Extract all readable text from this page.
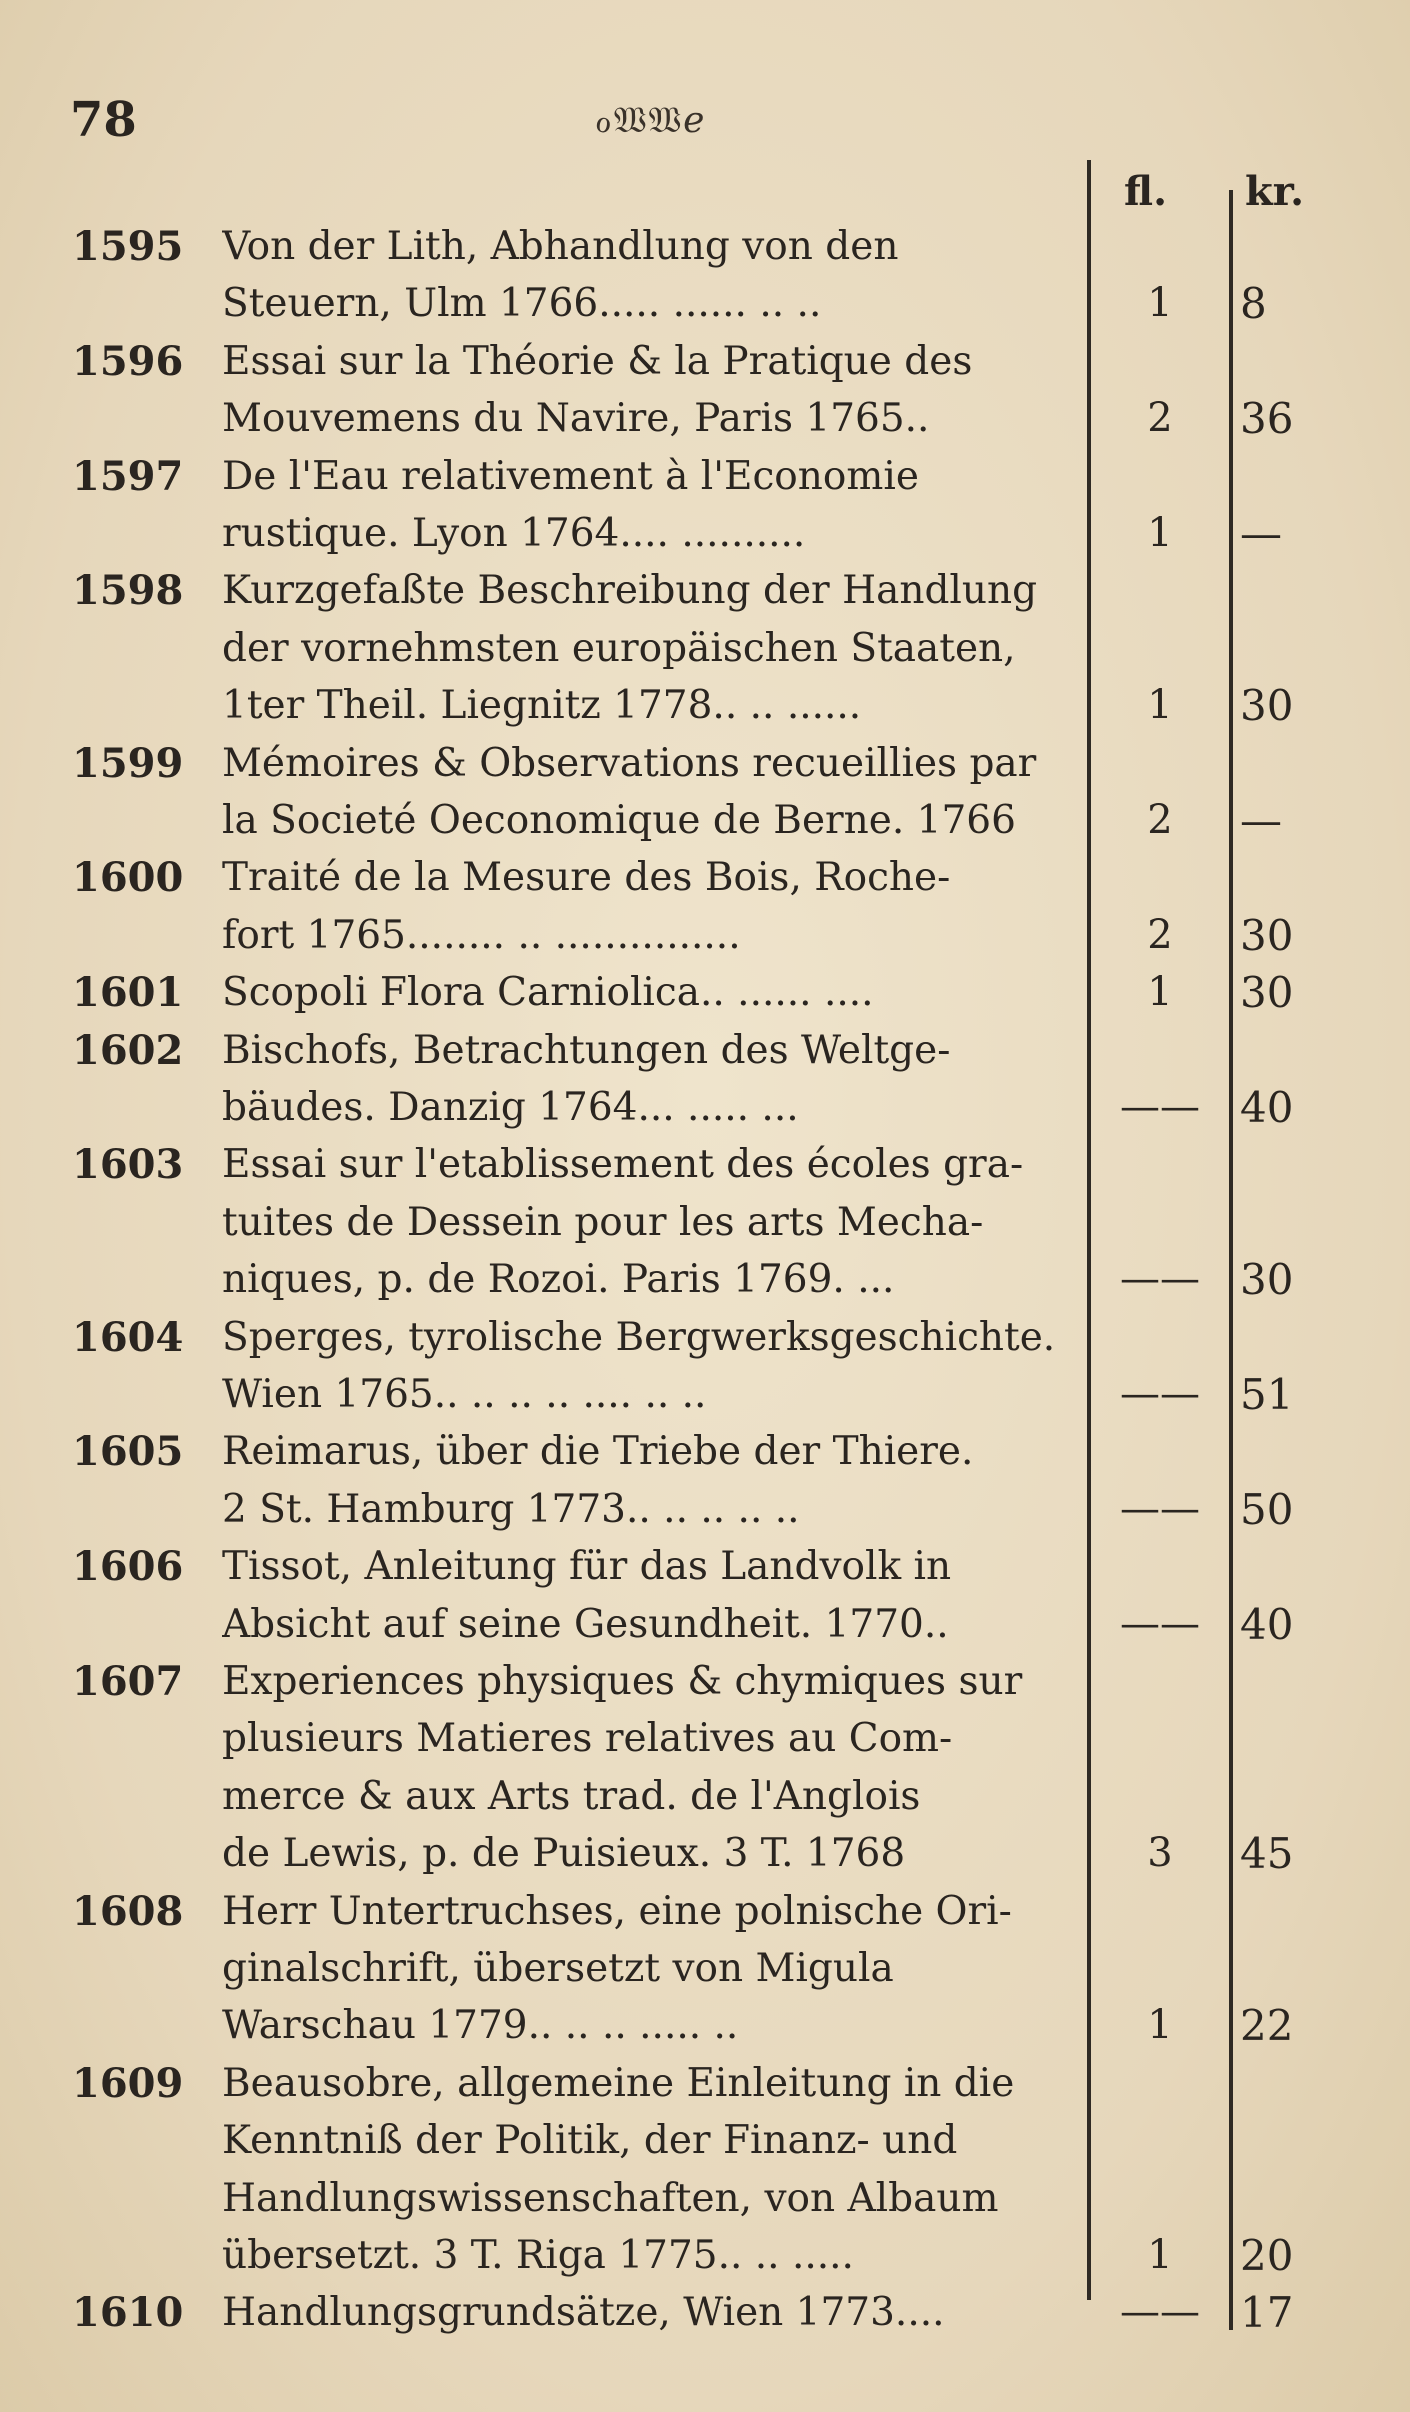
78	ℴ𝔚𝔚ℯ
fl. kr.
1595 Von der Lith, Abhandlung von den
Steuern, Ulm 1766..... ...... .. ..	1	8
1596 Essai sur la Théorie & la Pratique des
Mouvemens du Navire, Paris 1765..	2	36
1597 De l'Eau relativement à l'Economie
rustique. Lyon 1764.... ..........	1	—
1598 Kurzgefaßte Beschreibung der Handlung
der vornehmsten europäischen Staaten,
1ter Theil. Liegnitz 1778.. .. ......	1	30
1599 Mémoires & Observations recueillies par
la Societé Oeconomique de Berne. 1766	2	—
1600 Traité de la Mesure des Bois, Roche-
fort 1765........ .. ...............	2	30
1601 Scopoli Flora Carniolica.. ...... ....	1	30
1602 Bischofs, Betrachtungen des Weltge-
bäudes. Danzig 1764... ..... ...	—— 40
1603 Essai sur l'etablissement des écoles gra-
tuites de Dessein pour les arts Mecha-
niques, p. de Rozoi. Paris 1769. ...	—— 30
1604 Sperges, tyrolische Bergwerksgeschichte.
Wien 1765.. .. .. .. .... .. ..	—— 51
1605 Reimarus, über die Triebe der Thiere.
2 St. Hamburg 1773.. .. .. .. ..	—— 50
1606 Tissot, Anleitung für das Landvolk in
Absicht auf seine Gesundheit. 1770..	—— 40
1607 Experiences physiques & chymiques sur
plusieurs Matieres relatives au Com-
merce & aux Arts trad. de l'Anglois
de Lewis, p. de Puisieux. 3 T. 1768	3	45
1608 Herr Untertruchses, eine polnische Ori-
ginalschrift, übersetzt von Migula
Warschau 1779.. .. .. ..... ..	1	22
1609 Beausobre, allgemeine Einleitung in die
Kenntniß der Politik, der Finanz- und
Handlungswissenschaften, von Albaum
übersetzt. 3 T. Riga 1775.. .. .....	1	20
1610 Handlungsgrundsätze, Wien 1773....	—— 17
